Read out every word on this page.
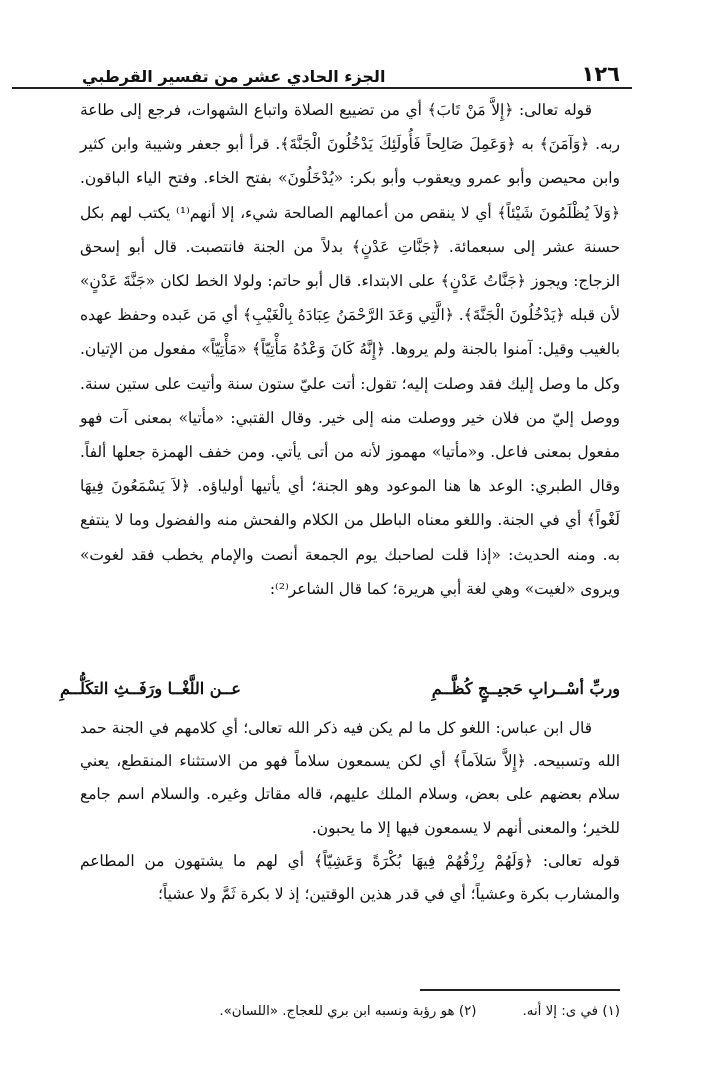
١٢٦
الجزء الحادي عشر من تفسير القرطبي

قوله تعالى: ﴿إِلاَّ مَنْ تَابَ﴾ أي من تضييع الصلاة واتباع الشهوات، فرجع إلى طاعة ربه. ﴿وَآمَنَ﴾ به ﴿وَعَمِلَ صَالِحاً فَأُولَئِكَ يَدْخُلُونَ الْجَنَّةَ﴾. قرأ أبو جعفر وشيبة وابن كثير وابن محيصن وأبو عمرو ويعقوب وأبو بكر: «يُدْخَلُونَ» بفتح الخاء. وفتح الياء الباقون. ﴿وَلاَ يُظْلَمُونَ شَيْئاً﴾ أي لا ينقص من أعمالهم الصالحة شيء، إلا أنهم⁽¹⁾ يكتب لهم بكل حسنة عشر إلى سبعمائة. ﴿جَنَّاتِ عَدْنٍ﴾ بدلاً من الجنة فانتصبت. قال أبو إسحق الزجاج: ويجوز ﴿جَنَّاتُ عَدْنٍ﴾ على الابتداء. قال أبو حاتم: ولولا الخط لكان «جَنَّةَ عَدْنٍ» لأن قبله ﴿يَدْخُلُونَ الْجَنَّةَ﴾. ﴿الَّتِي وَعَدَ الرَّحْمَنُ عِبَادَهُ بِالْغَيْبِ﴾ أي مَن عَبده وحفظ عهده بالغيب وقيل: آمنوا بالجنة ولم يروها. ﴿إِنَّهُ كَانَ وَعْدُهُ مَأْتِيّاً﴾ «مَأْتِيّاً» مفعول من الإتيان. وكل ما وصل إليك فقد وصلت إليه؛ تقول: أتت عليّ ستون سنة وأتيت على ستين سنة. ووصل إليّ من فلان خير ووصلت منه إلى خير. وقال القتبي: «مأتيا» بمعنى آت فهو مفعول بمعنى فاعل. و«مأتيا» مهموز لأنه من أتى يأتي. ومن خفف الهمزة جعلها ألفاً. وقال الطبري: الوعد ها هنا الموعود وهو الجنة؛ أي يأتيها أولياؤه. ﴿لاَ يَسْمَعُونَ فِيهَا لَغْواً﴾ أي في الجنة. واللغو معناه الباطل من الكلام والفحش منه والفضول وما لا ينتفع به. ومنه الحديث: «إذا قلت لصاحبك يوم الجمعة أنصت والإمام يخطب فقد لغوت» ويروى «لغيت» وهي لغة أبي هريرة؛ كما قال الشاعر⁽²⁾:

وربِّ أسْــرابِ حَجيــجٍ كُظَّــمِ
عــن اللَّغْــا ورَفَــثِ التكَلُّــمِ

قال ابن عباس: اللغو كل ما لم يكن فيه ذكر الله تعالى؛ أي كلامهم في الجنة حمد الله وتسبيحه. ﴿إِلاَّ سَلاَماً﴾ أي لكن يسمعون سلاماً فهو من الاستثناء المنقطع، يعني سلام بعضهم على بعض، وسلام الملك عليهم، قاله مقاتل وغيره. والسلام اسم جامع للخير؛ والمعنى أنهم لا يسمعون فيها إلا ما يحبون.

قوله تعالى: ﴿وَلَهُمْ رِزْقُهُمْ فِيهَا بُكْرَةً وَعَشِيّاً﴾ أي لهم ما يشتهون من المطاعم والمشارب بكرة وعشياً؛ أي في قدر هذين الوقتين؛ إذ لا بكرة ثَمَّ ولا عشياً؛

(١) في ى: إلا أنه.
(٢) هو رؤبة ونسبه ابن بري للعجاج. «اللسان».
